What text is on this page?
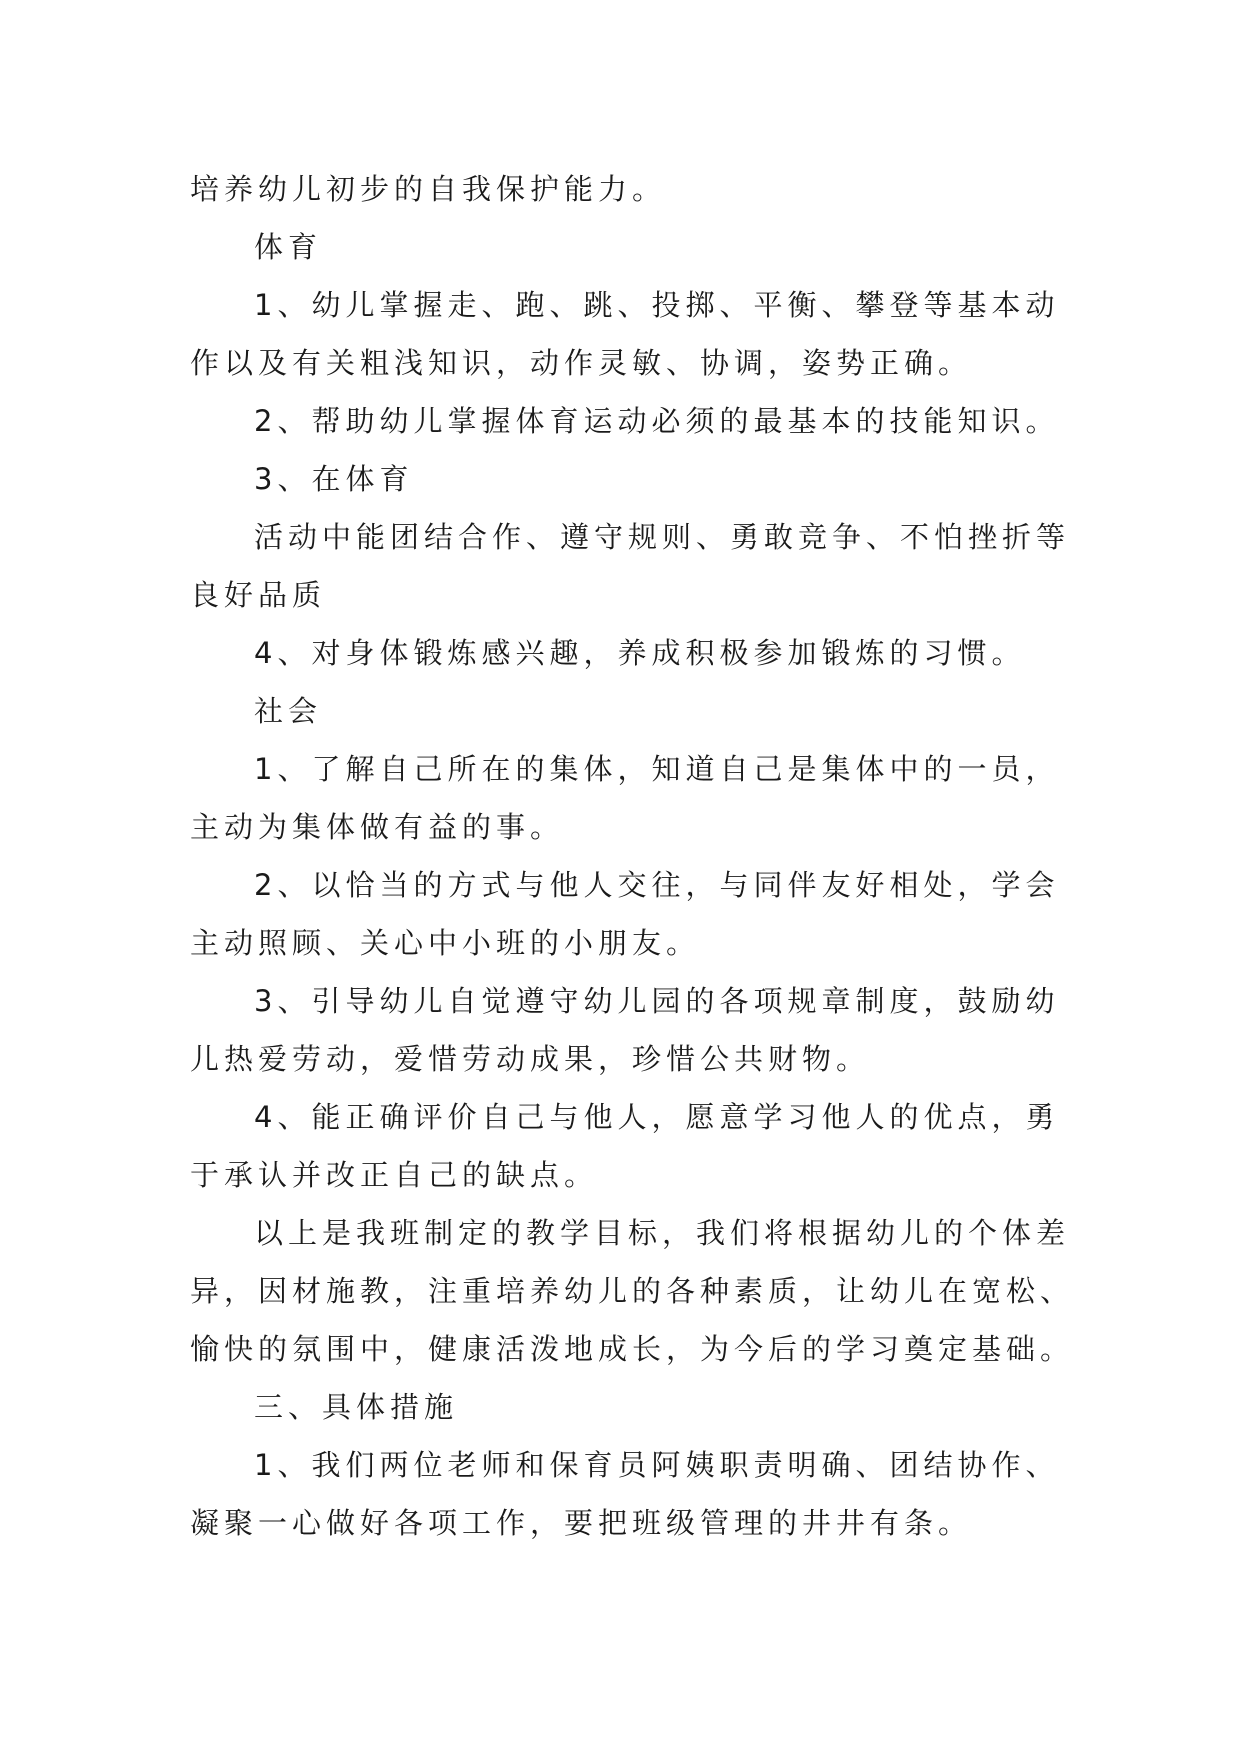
培养幼儿初步的自我保护能力。

体育

1、幼儿掌握走、跑、跳、投掷、平衡、攀登等基本动

作以及有关粗浅知识，动作灵敏、协调，姿势正确。

2、帮助幼儿掌握体育运动必须的最基本的技能知识。

3、在体育

活动中能团结合作、遵守规则、勇敢竞争、不怕挫折等

良好品质

4、对身体锻炼感兴趣，养成积极参加锻炼的习惯。

社会

1、了解自己所在的集体，知道自己是集体中的一员，

主动为集体做有益的事。

2、以恰当的方式与他人交往，与同伴友好相处，学会

主动照顾、关心中小班的小朋友。

3、引导幼儿自觉遵守幼儿园的各项规章制度，鼓励幼

儿热爱劳动，爱惜劳动成果，珍惜公共财物。

4、能正确评价自己与他人，愿意学习他人的优点，勇

于承认并改正自己的缺点。

以上是我班制定的教学目标，我们将根据幼儿的个体差

异，因材施教，注重培养幼儿的各种素质，让幼儿在宽松、

愉快的氛围中，健康活泼地成长，为今后的学习奠定基础。

三、具体措施

1、我们两位老师和保育员阿姨职责明确、团结协作、

凝聚一心做好各项工作，要把班级管理的井井有条。
